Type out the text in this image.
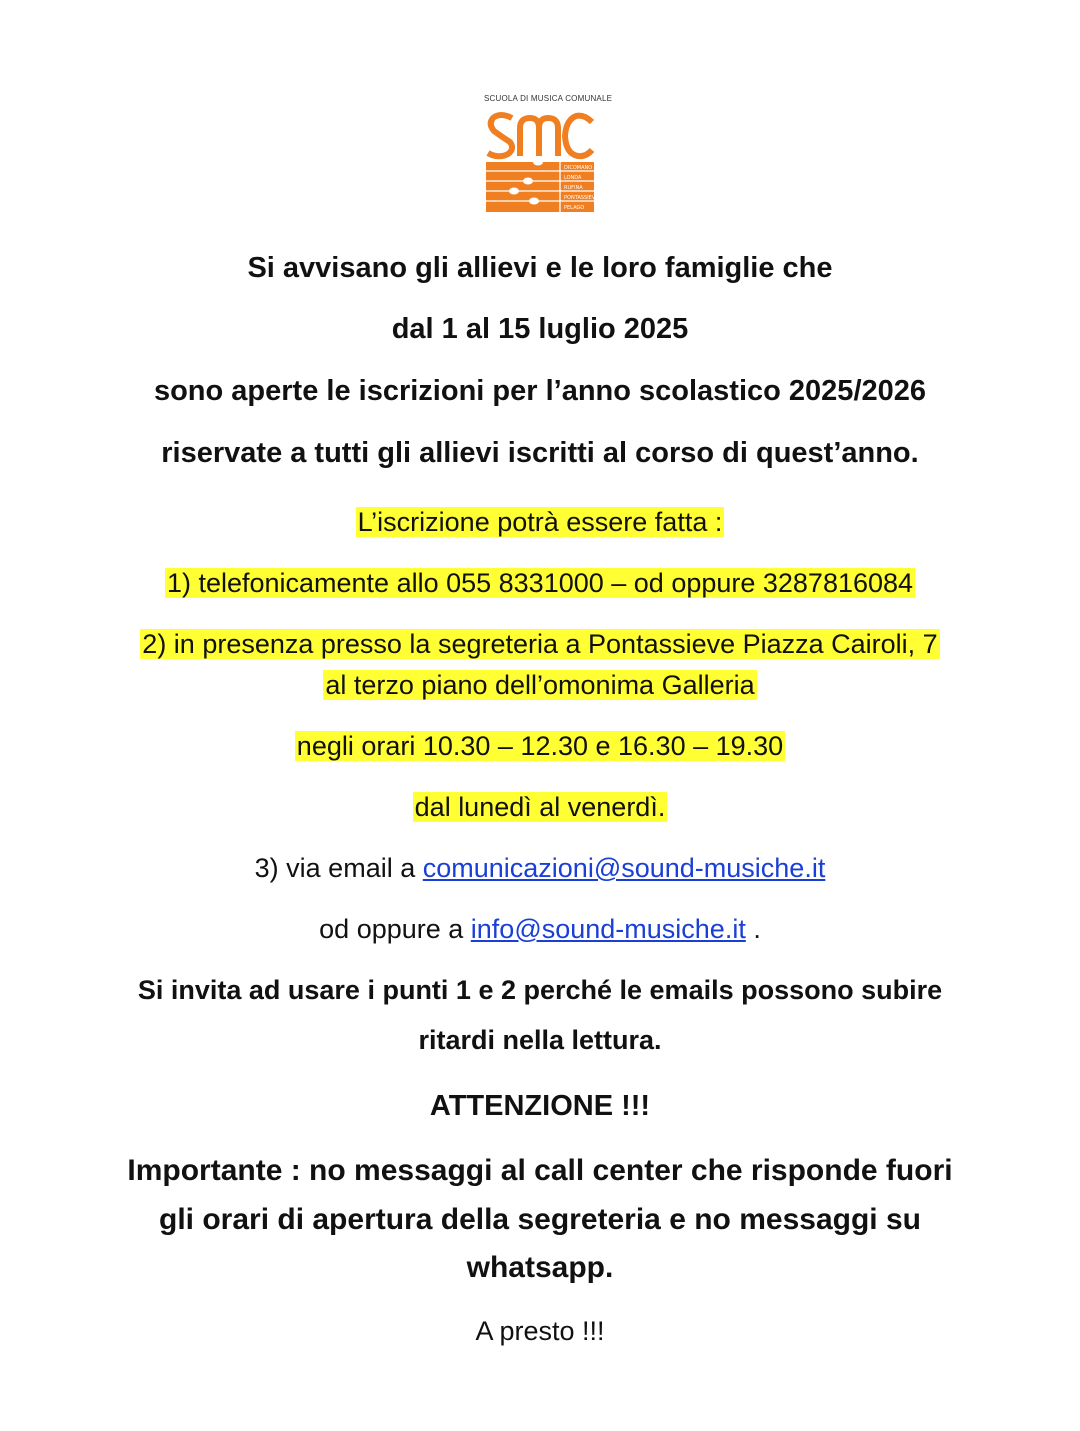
SCUOLA DI MUSICA COMUNALE
DICOMANO
LONDA
RUFINA
PONTASSIEVE
PELAGO
Si avvisano gli allievi e le loro famiglie che
dal 1 al 15 luglio 2025
sono aperte le iscrizioni per l’anno scolastico 2025/2026
riservate a tutti gli allievi iscritti al corso di quest’anno.
L’iscrizione potrà essere fatta :
1) telefonicamente allo 055 8331000 – od oppure 3287816084
2) in presenza presso la segreteria a Pontassieve Piazza Cairoli, 7
al terzo piano dell’omonima Galleria
negli orari 10.30 – 12.30 e 16.30 – 19.30
dal lunedì al venerdì.
3) via email a comunicazioni@sound-musiche.it
od oppure a info@sound-musiche.it .
Si invita ad usare i punti 1 e 2 perché le emails possono subire
ritardi nella lettura.
ATTENZIONE !!!
Importante : no messaggi al call center che risponde fuori
gli orari di apertura della segreteria e no messaggi su
whatsapp.
A presto !!!
